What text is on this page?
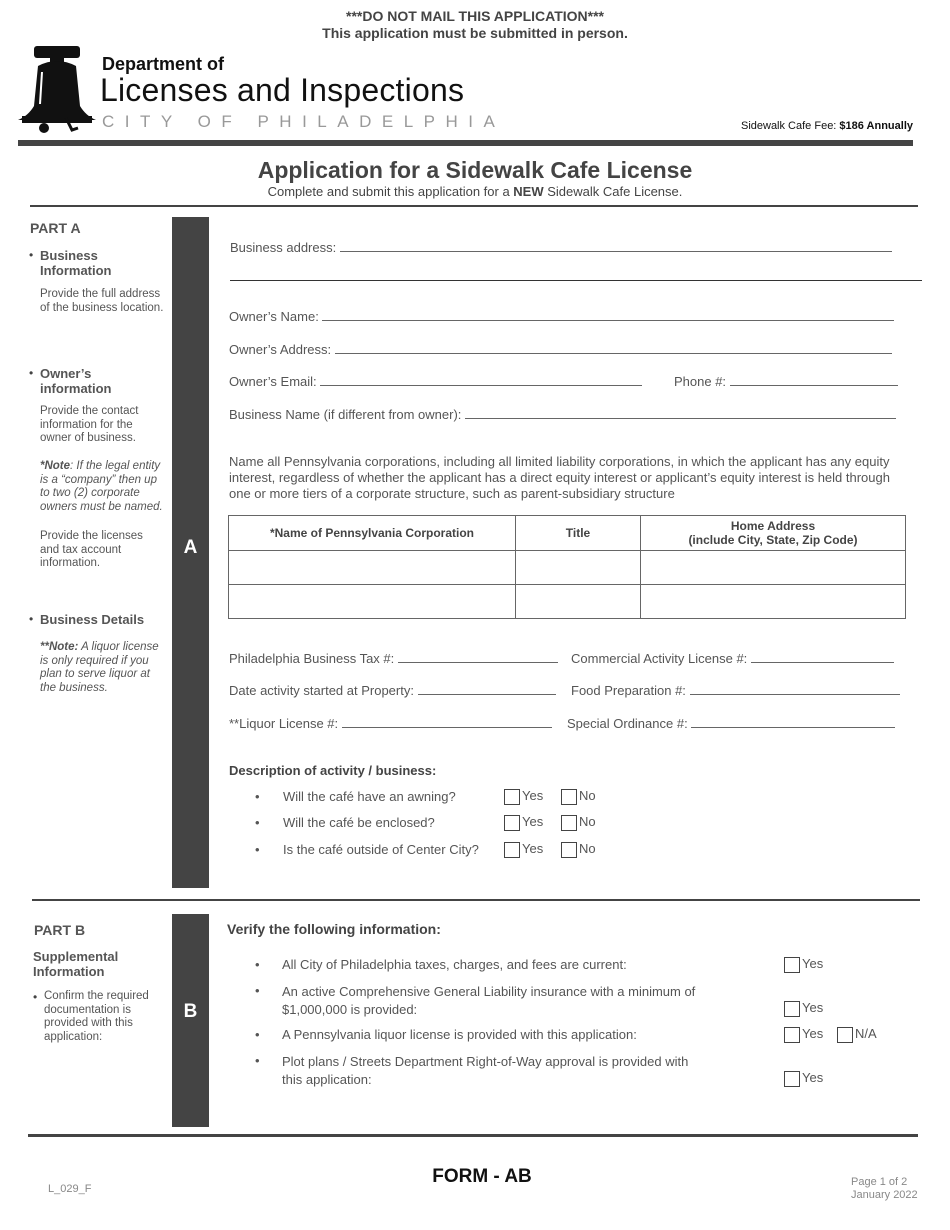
***DO NOT MAIL THIS APPLICATION***
This application must be submitted in person.
Department of
Licenses and Inspections
CITY OF PHILADELPHIA	Sidewalk Cafe Fee: $186 Annually
Application for a Sidewalk Cafe License
Complete and submit this application for a NEW Sidewalk Cafe License.
PART A
• Business Information
Provide the full address of the business location.
• Owner’s information
Provide the contact information for the owner of business.
*Note: If the legal entity is a “company” then up to two (2) corporate owners must be named.
Provide the licenses and tax account information.
• Business Details
**Note: A liquor license is only required if you plan to serve liquor at the business.
A
Business address:
Owner’s Name:
Owner’s Address:
Owner’s Email:	Phone #:
Business Name (if different from owner):
Name all Pennsylvania corporations, including all limited liability corporations, in which the applicant has any equity interest, regardless of whether the applicant has a direct equity interest or applicant’s equity interest is held through one or more tiers of a corporate structure, such as parent-subsidiary structure
*Name of Pennsylvania Corporation	Title	Home Address
(include City, State, Zip Code)

Philadelphia Business Tax #:	Commercial Activity License #:
Date activity started at Property:	Food Preparation #:
**Liquor License #:	Special Ordinance #:
Description of activity / business:
• Will the café have an awning?	Yes	No
• Will the café be enclosed?	Yes	No
• Is the café outside of Center City?	Yes	No
PART B
Supplemental Information
• Confirm the required documentation is provided with this application:
B
Verify the following information:
• All City of Philadelphia taxes, charges, and fees are current:	Yes
• An active Comprehensive General Liability insurance with a minimum of
$1,000,000 is provided:	Yes
• A Pennsylvania liquor license is provided with this application:	Yes	N/A
• Plot plans / Streets Department Right-of-Way approval is provided with
this application:	Yes
L_029_F
FORM - AB	Page 1 of 2
January 2022
